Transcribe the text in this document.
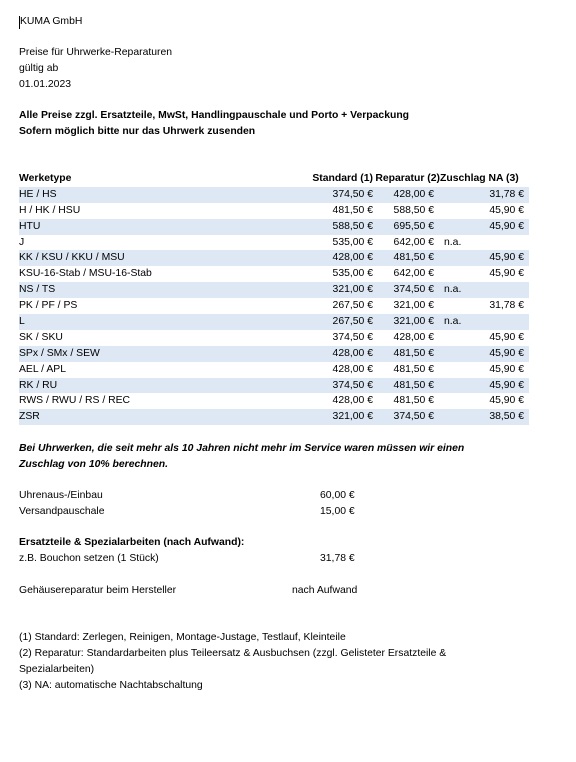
KUMA GmbH
Preise für Uhrwerke-Reparaturen
gültig ab
01.01.2023
Alle Preise zzgl. Ersatzteile, MwSt, Handlingpauschale und Porto + Verpackung
Sofern möglich bitte nur das Uhrwerk zusenden
Werketype	Standard (1) Reparatur (2) Zuschlag NA (3)
HE / HS	374,50 € 428,00 €	31,78 €
H / HK / HSU	481,50 € 588,50 €	45,90 €
HTU	588,50 € 695,50 €	45,90 €
J	535,00 € 642,00 € n.a.
KK / KSU / KKU / MSU	428,00 € 481,50 €	45,90 €
KSU-16-Stab / MSU-16-Stab	535,00 € 642,00 €	45,90 €
NS / TS	321,00 € 374,50 € n.a.
PK / PF / PS	267,50 € 321,00 €	31,78 €
L	267,50 € 321,00 € n.a.
SK / SKU	374,50 € 428,00 €	45,90 €
SPx / SMx / SEW	428,00 € 481,50 €	45,90 €
AEL / APL	428,00 € 481,50 €	45,90 €
RK / RU	374,50 € 481,50 €	45,90 €
RWS / RWU / RS / REC	428,00 € 481,50 €	45,90 €
ZSR	321,00 € 374,50 €	38,50 €
Bei Uhrwerken, die seit mehr als 10 Jahren nicht mehr im Service waren müssen wir einen
Zuschlag von 10% berechnen.
Uhrenaus-/Einbau	60,00 €
Versandpauschale	15,00 €
Ersatzteile & Spezialarbeiten (nach Aufwand):
z.B. Bouchon setzen (1 Stück)	31,78 €
Gehäusereparatur beim Hersteller	nach Aufwand
(1) Standard: Zerlegen, Reinigen, Montage-Justage, Testlauf, Kleinteile
(2) Reparatur: Standardarbeiten plus Teileersatz & Ausbuchsen (zzgl. Gelisteter Ersatzteile &
Spezialarbeiten)
(3) NA: automatische Nachtabschaltung
